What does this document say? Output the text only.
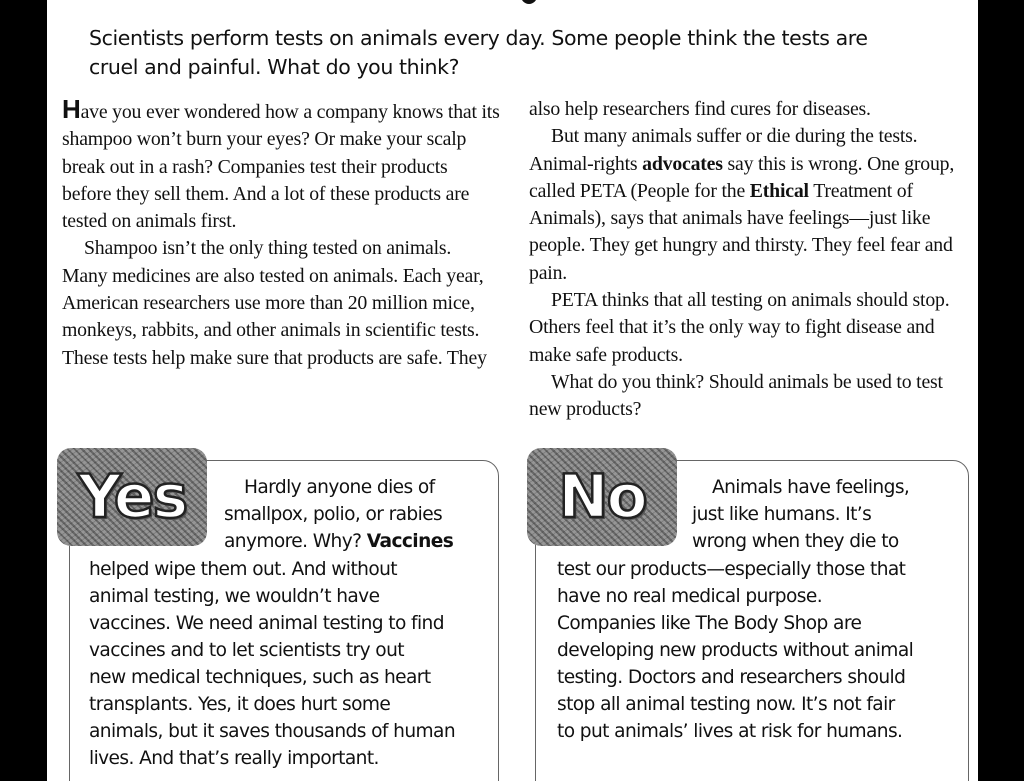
Scientists perform tests on animals every day. Some people think the tests are
cruel and painful. What do you think?

Have you ever wondered how a company knows that its shampoo won’t burn your eyes? Or make your scalp break out in a rash? Companies test their products before they sell them. And a lot of these products are tested on animals first.

Shampoo isn’t the only thing tested on animals. Many medicines are also tested on animals. Each year, American researchers use more than 20 million mice, monkeys, rabbits, and other animals in scientific tests. These tests help make sure that products are safe. They

also help researchers find cures for diseases.

But many animals suffer or die during the tests. Animal-rights advocates say this is wrong. One group, called PETA (People for the Ethical Treatment of Animals), says that animals have feelings—just like people. They get hungry and thirsty. They feel fear and pain.

PETA thinks that all testing on animals should stop. Others feel that it’s the only way to fight disease and make safe products.

What do you think? Should animals be used to test new products?

Yes	Hardly anyone dies of
smallpox, polio, or rabies
anymore. Why? Vaccines
helped wipe them out. And without
animal testing, we wouldn’t have
vaccines. We need animal testing to find
vaccines and to let scientists try out
new medical techniques, such as heart
transplants. Yes, it does hurt some
animals, but it saves thousands of human
lives. And that’s really important.
No	Animals have feelings,
just like humans. It’s
wrong when they die to
test our products—especially those that
have no real medical purpose.
Companies like The Body Shop are
developing new products without animal
testing. Doctors and researchers should
stop all animal testing now. It’s not fair
to put animals’ lives at risk for humans.
